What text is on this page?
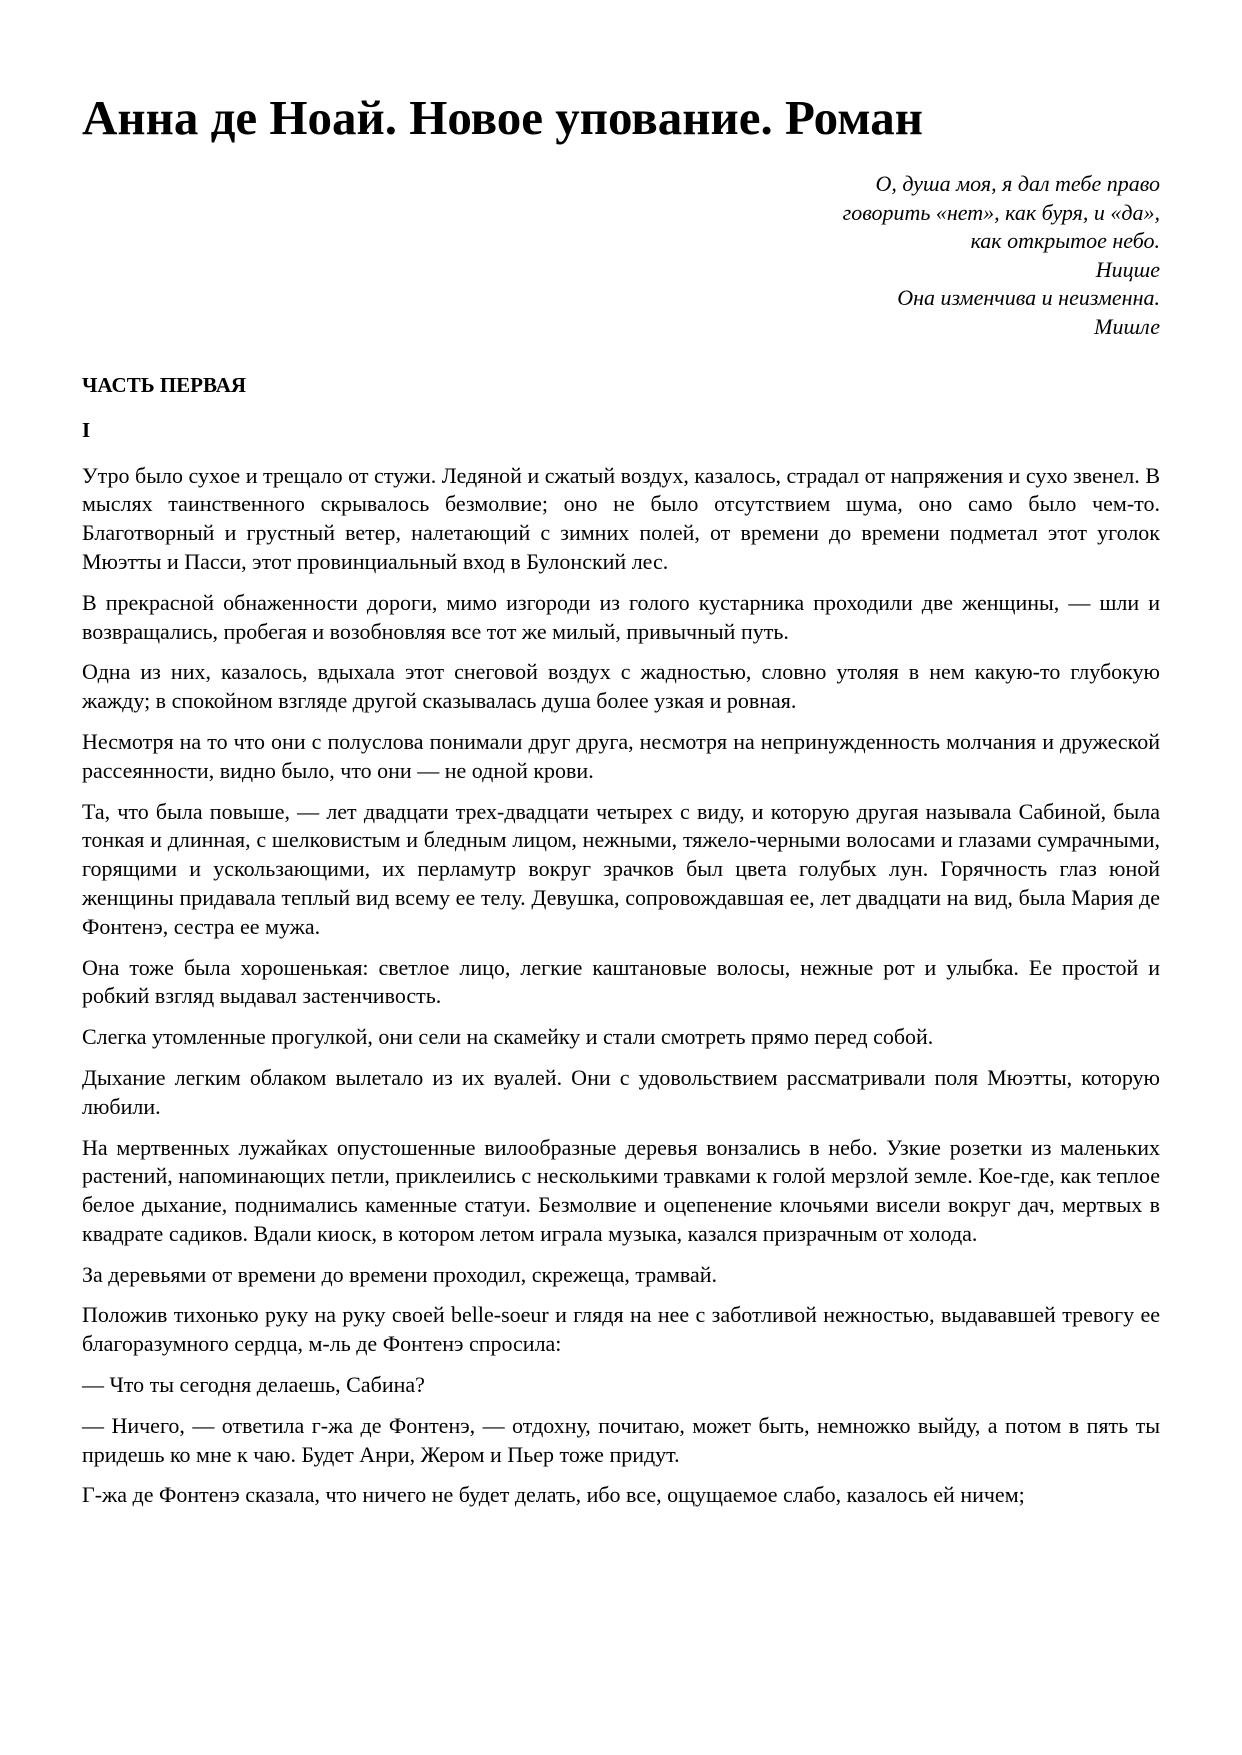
Анна де Ноай. Новое упование. Роман
О, душа моя, я дал тебе право
говорить «нет», как буря, и «да»,
как открытое небо.
Ницше
Она изменчива и неизменна.
Мишле
ЧАСТЬ ПЕРВАЯ
I

Утро было сухое и трещало от стужи. Ледяной и сжатый воздух, казалось, страдал от напряжения и сухо звенел. В мыслях таинственного скрывалось безмолвие; оно не было отсутствием шума, оно само было чем-то. Благотворный и грустный ветер, налетающий с зимних полей, от времени до времени подметал этот уголок Мюэтты и Пасси, этот провинциальный вход в Булонский лес.

В прекрасной обнаженности дороги, мимо изгороди из голого кустарника проходили две женщины, — шли и возвращались, пробегая и возобновляя все тот же милый, привычный путь.

Одна из них, казалось, вдыхала этот снеговой воздух с жадностью, словно утоляя в нем какую-то глубокую жажду; в спокойном взгляде другой сказывалась душа более узкая и ровная.

Несмотря на то что они с полуслова понимали друг друга, несмотря на непринужденность молчания и дружеской рассеянности, видно было, что они — не одной крови.

Та, что была повыше, — лет двадцати трех-двадцати четырех с виду, и которую другая называла Сабиной, была тонкая и длинная, с шелковистым и бледным лицом, нежными, тяжело-черными волосами и глазами сумрачными, горящими и ускользающими, их перламутр вокруг зрачков был цвета голубых лун. Горячность глаз юной женщины придавала теплый вид всему ее телу. Девушка, сопровождавшая ее, лет двадцати на вид, была Мария де Фонтенэ, сестра ее мужа.

Она тоже была хорошенькая: светлое лицо, легкие каштановые волосы, нежные рот и улыбка. Ее простой и робкий взгляд выдавал застенчивость.

Слегка утомленные прогулкой, они сели на скамейку и стали смотреть прямо перед собой.

Дыхание легким облаком вылетало из их вуалей. Они с удовольствием рассматривали поля Мюэтты, которую любили.

На мертвенных лужайках опустошенные вилообразные деревья вонзались в небо. Узкие розетки из маленьких растений, напоминающих петли, приклеились с несколькими травками к голой мерзлой земле. Кое-где, как теплое белое дыхание, поднимались каменные статуи. Безмолвие и оцепенение клочьями висели вокруг дач, мертвых в квадрате садиков. Вдали киоск, в котором летом играла музыка, казался призрачным от холода.

За деревьями от времени до времени проходил, скрежеща, трамвай.

Положив тихонько руку на руку своей belle-soeur и глядя на нее с заботливой нежностью, выдававшей тревогу ее благоразумного сердца, м-ль де Фонтенэ спросила:

— Что ты сегодня делаешь, Сабина?

— Ничего, — ответила г-жа де Фонтенэ, — отдохну, почитаю, может быть, немножко выйду, а потом в пять ты придешь ко мне к чаю. Будет Анри, Жером и Пьер тоже придут.

Г-жа де Фонтенэ сказала, что ничего не будет делать, ибо все, ощущаемое слабо, казалось ей ничем;
